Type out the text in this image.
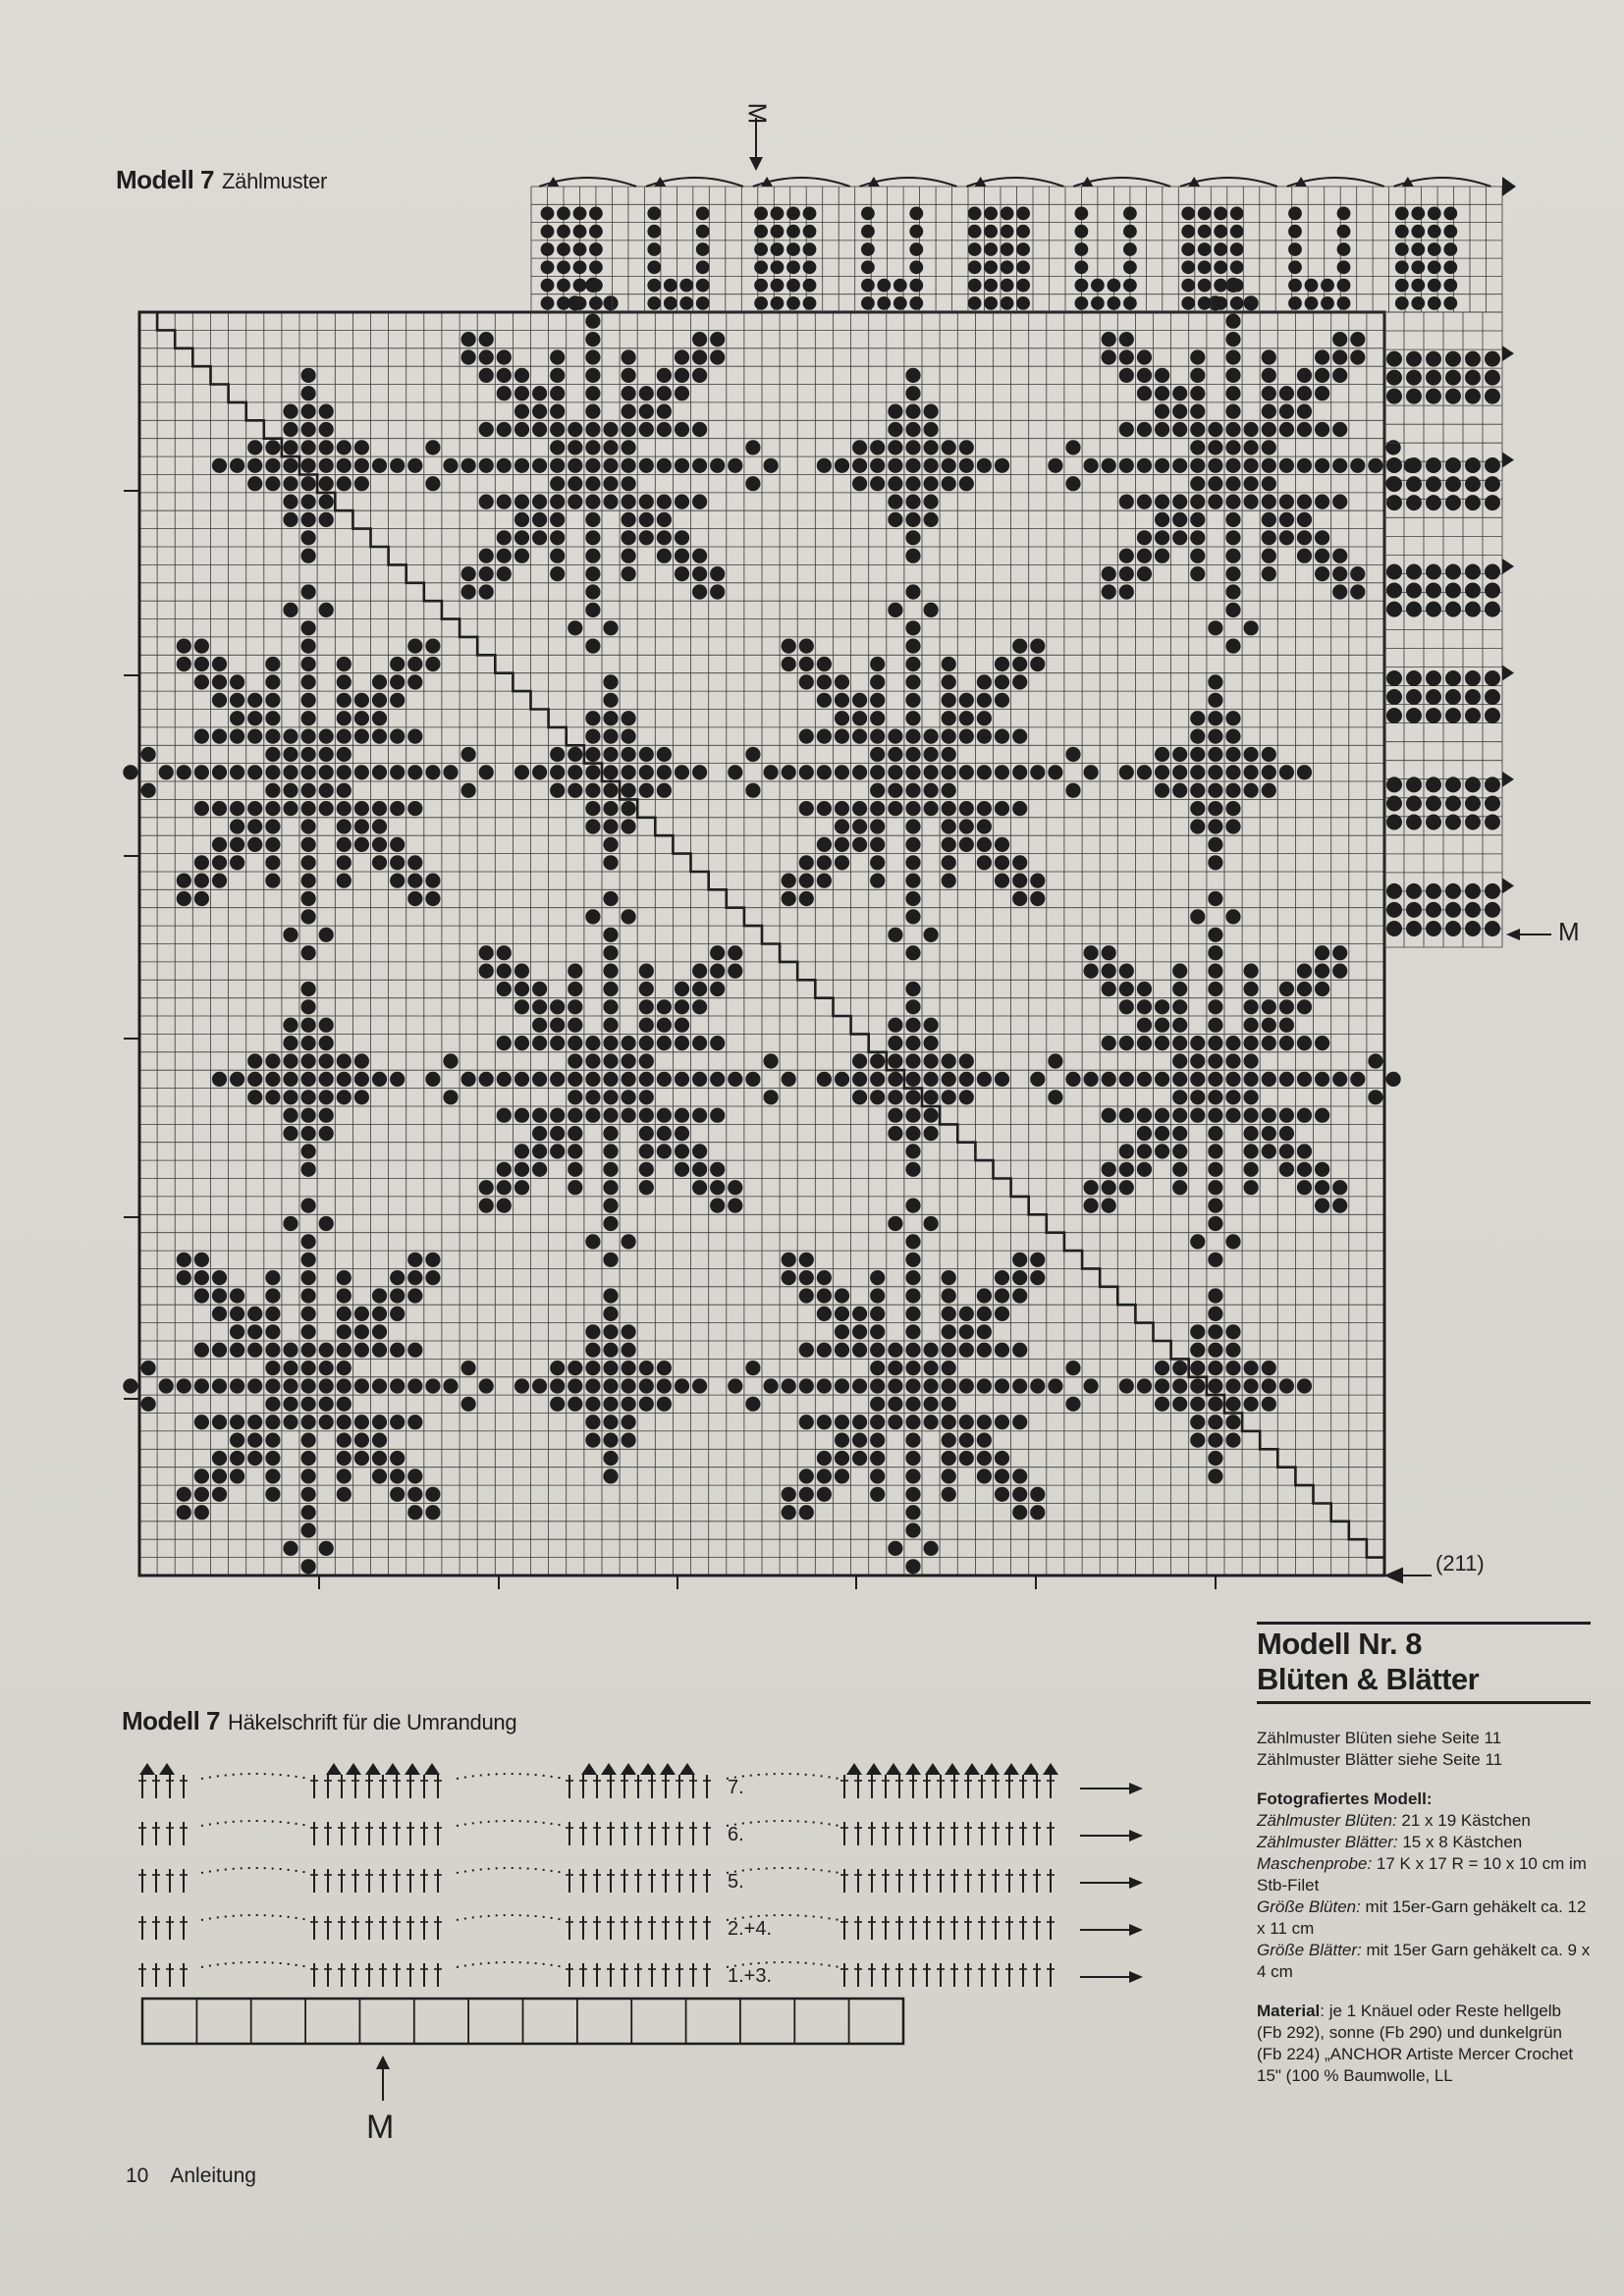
Modell 7 Zählmuster
M
M
(211)
M
Modell 7 Häkelschrift für die Umrandung
7.
6.
5.
2.+4.
1.+3.
Modell Nr. 8
Blüten & Blätter
Zählmuster Blüten siehe Seite 11
Zählmuster Blätter siehe Seite 11
Fotografiertes Modell:
Zählmuster Blüten: 21 x 19 Kästchen
Zählmuster Blätter: 15 x 8 Kästchen
Maschenprobe: 17 K x 17 R = 10 x 10 cm im Stb-Filet
Größe Blüten: mit 15er-Garn gehäkelt ca. 12 x 11 cm
Größe Blätter: mit 15er Garn gehäkelt ca. 9 x 4 cm
Material: je 1 Knäuel oder Reste hellgelb (Fb 292), sonne (Fb 290) und dunkelgrün (Fb 224) „ANCHOR Artiste Mercer Crochet 15" (100 % Baumwolle, LL
10 Anleitung
